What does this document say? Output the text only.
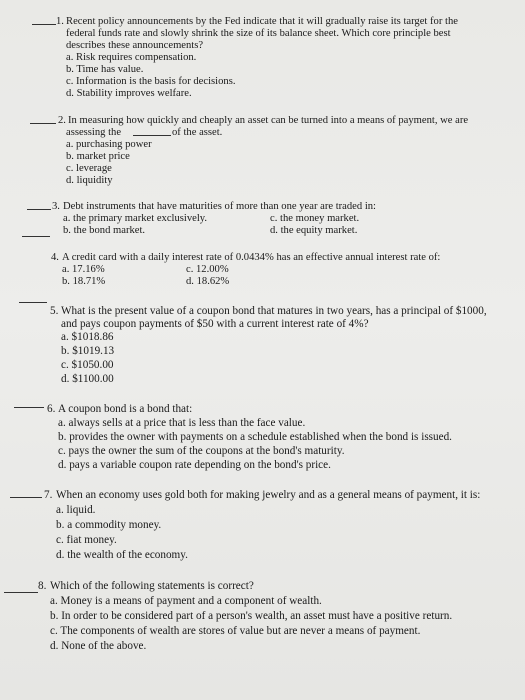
1. Recent policy announcements by the Fed indicate that it will gradually raise its target for the
federal funds rate and slowly shrink the size of its balance sheet. Which core principle best
describes these announcements?
a. Risk requires compensation.
b. Time has value.
c. Information is the basis for decisions.
d. Stability improves welfare.
2. In measuring how quickly and cheaply an asset can be turned into a means of payment, we are
assessing the	of the asset.
a. purchasing power
b. market price
c. leverage
d. liquidity
3. Debt instruments that have maturities of more than one year are traded in:
a. the primary market exclusively.	c. the money market.
b. the bond market.	d. the equity market.
4. A credit card with a daily interest rate of 0.0434% has an effective annual interest rate of:
a. 17.16%	c. 12.00%
b. 18.71%	d. 18.62%
5. What is the present value of a coupon bond that matures in two years, has a principal of $1000,
and pays coupon payments of $50 with a current interest rate of 4%?
a. $1018.86
b. $1019.13
c. $1050.00
d. $1100.00
6. A coupon bond is a bond that:
a. always sells at a price that is less than the face value.
b. provides the owner with payments on a schedule established when the bond is issued.
c. pays the owner the sum of the coupons at the bond's maturity.
d. pays a variable coupon rate depending on the bond's price.
7. When an economy uses gold both for making jewelry and as a general means of payment, it is:
a. liquid.
b. a commodity money.
c. fiat money.
d. the wealth of the economy.
8. Which of the following statements is correct?
a. Money is a means of payment and a component of wealth.
b. In order to be considered part of a person's wealth, an asset must have a positive return.
c. The components of wealth are stores of value but are never a means of payment.
d. None of the above.
